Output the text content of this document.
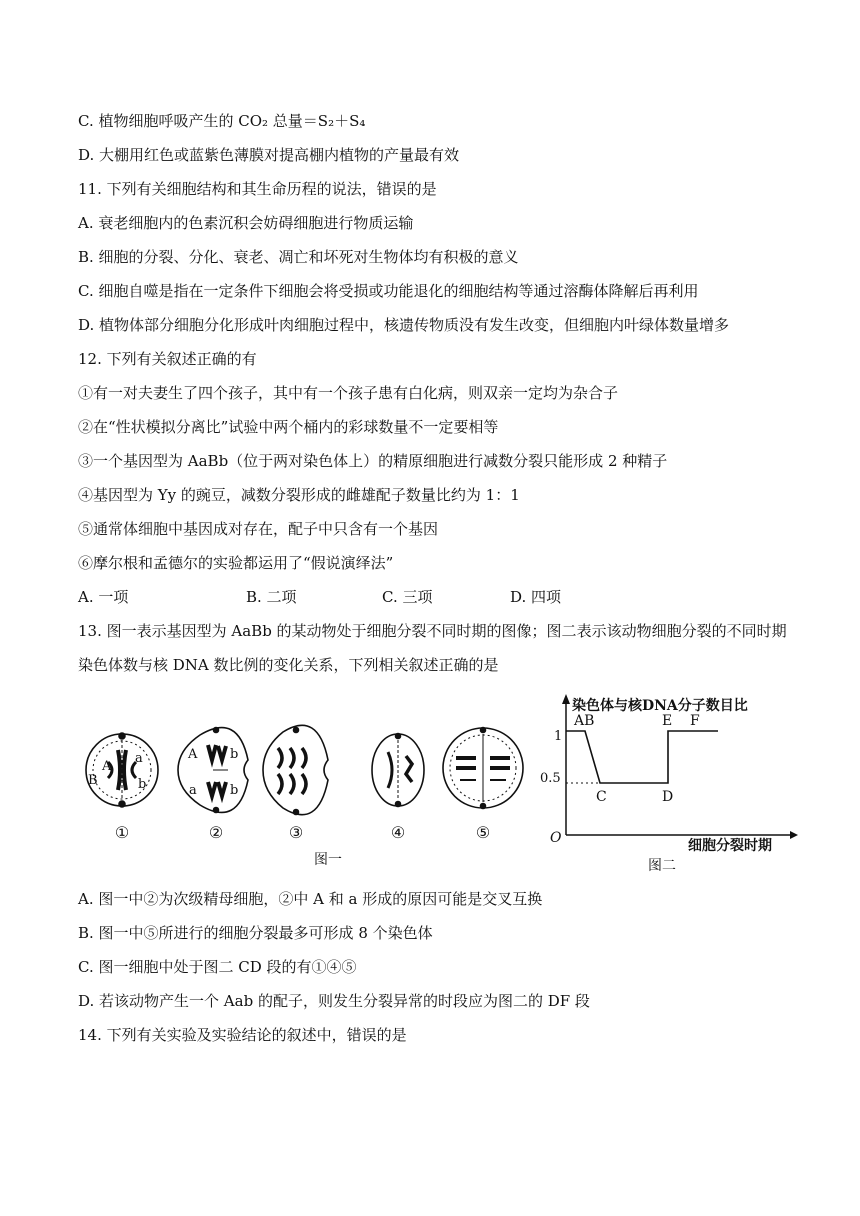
C. 植物细胞呼吸产生的 CO₂ 总量＝S₂＋S₄
D. 大棚用红色或蓝紫色薄膜对提高棚内植物的产量最有效
11. 下列有关细胞结构和其生命历程的说法，错误的是
A. 衰老细胞内的色素沉积会妨碍细胞进行物质运输
B. 细胞的分裂、分化、衰老、凋亡和坏死对生物体均有积极的意义
C. 细胞自噬是指在一定条件下细胞会将受损或功能退化的细胞结构等通过溶酶体降解后再利用
D. 植物体部分细胞分化形成叶肉细胞过程中，核遗传物质没有发生改变，但细胞内叶绿体数量增多
12. 下列有关叙述正确的有
①有一对夫妻生了四个孩子，其中有一个孩子患有白化病，则双亲一定均为杂合子
②在“性状模拟分离比”试验中两个桶内的彩球数量不一定要相等
③一个基因型为 AaBb（位于两对染色体上）的精原细胞进行减数分裂只能形成 2 种精子
④基因型为 Yy 的豌豆，减数分裂形成的雌雄配子数量比约为 1：1
⑤通常体细胞中基因成对存在，配子中只含有一个基因
⑥摩尔根和孟德尔的实验都运用了“假说演绎法”
A. 一项	B. 二项	C. 三项	D. 四项
13. 图一表示基因型为 AaBb 的某动物处于细胞分裂不同时期的图像；图二表示该动物细胞分裂的不同时期
染色体数与核 DNA 数比例的变化关系，下列相关叙述正确的是
A
a
B	b
A	b
a	b
①	②	③	④	⑤
图一
染色体与核DNA分子数目比
细胞分裂时期
O
1
0.5
AB
C	D
E F
图二
A. 图一中②为次级精母细胞，②中 A 和 a 形成的原因可能是交叉互换
B. 图一中⑤所进行的细胞分裂最多可形成 8 个染色体
C. 图一细胞中处于图二 CD 段的有①④⑤
D. 若该动物产生一个 Aab 的配子，则发生分裂异常的时段应为图二的 DF 段
14. 下列有关实验及实验结论的叙述中，错误的是
